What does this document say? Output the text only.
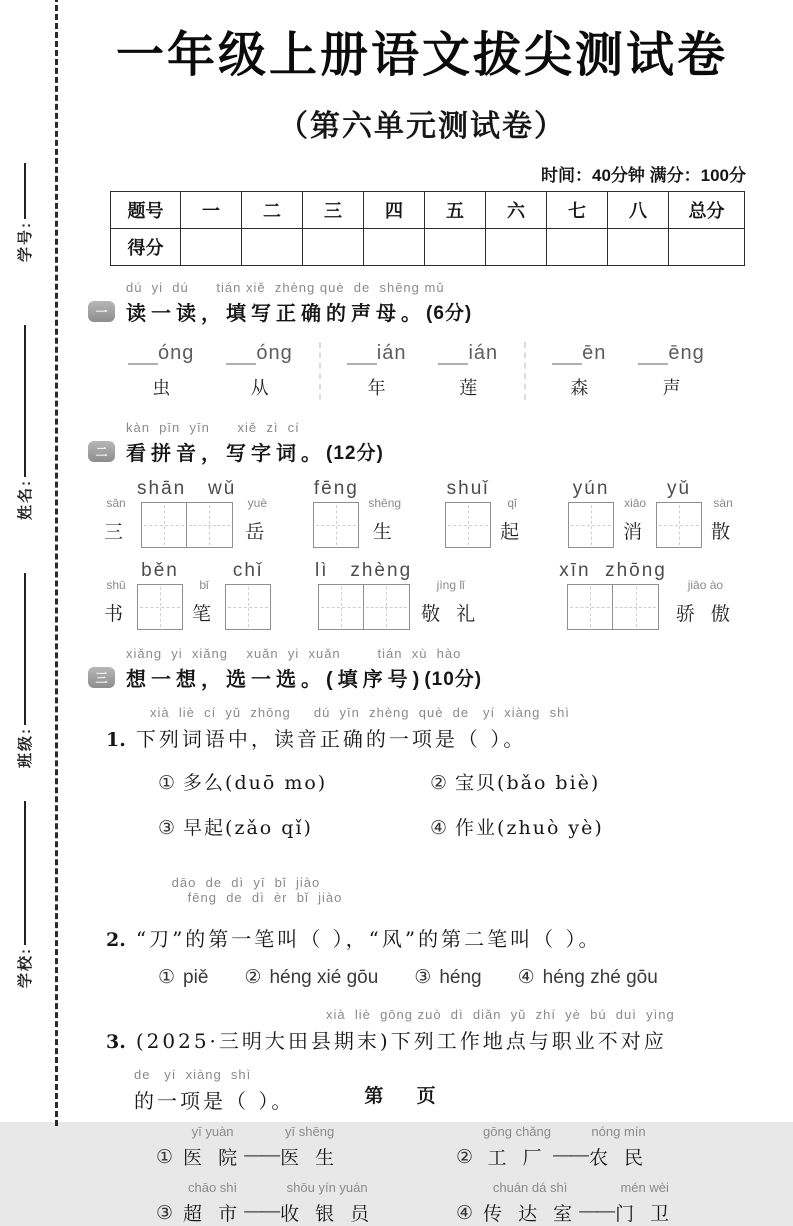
学号:
姓名:
班级:
学校:
一年级上册语文拔尖测试卷
（第六单元测试卷）
时间：40分钟 满分：100分
题号	一	二	三	四	五	六	七	八	总分
得分									
dú  yi  dú      tián xiě  zhèng què  de  shēng mǔ
一 读一读，填写正确的声母。 (6分)
óng
虫
óng
从
ián
年
ián
莲
ēn
森
ēng
声
kàn  pīn  yīn      xiě  zì  cí
二 看拼音，写字词。 (12分)
sān
三
shān   wǔ
yuè
岳
fēng
shēng
生
shuǐ
qǐ
起
yún
xiāo
消
yǔ
sàn
散
shū
书
běn
bǐ
笔
chǐ	lì   zhèng
jìng lǐ
敬 礼
xīn  zhōng
jiāo ào
骄 傲
xiǎng  yi  xiǎng    xuǎn  yi  xuǎn        tián  xù  hào
三 想一想，选一选。(填序号) (10分)
xià  liè  cí  yǔ  zhōng     dú  yīn  zhèng  què  de   yí  xiàng  shì
1. 下列词语中，读音正确的一项是（ ）。
① 多么(duō mo)	② 宝贝(bǎo biè)
③ 早起(zǎo qǐ)	④ 作业(zhuò yè)

dāo  de  dì  yī  bǐ  jiào
fēng  de  dì  èr  bǐ  jiào

2. “刀”的第一笔叫（ ），“风”的第二笔叫（ ）。
① piě ② héng xié gōu ③ héng ④ héng zhé gōu
xià  liè  gōng zuò  dì  diǎn  yǔ  zhí  yè  bú  duì  yìng
3. (2025·三明大田县期末) 下列工作地点与职业不对应
de   yí  xiàng  shì
的一项是（ ）。
①
yī yuàn
医 院 ——
yī shēng
医 生	②
gōng chǎng
工 厂 ——
nóng mín
农 民
③
chāo shì
超 市 ——
shōu yín yuán
收 银 员	④
chuán dá shì
传 达 室 ——
mén wèi
门 卫
第 页
